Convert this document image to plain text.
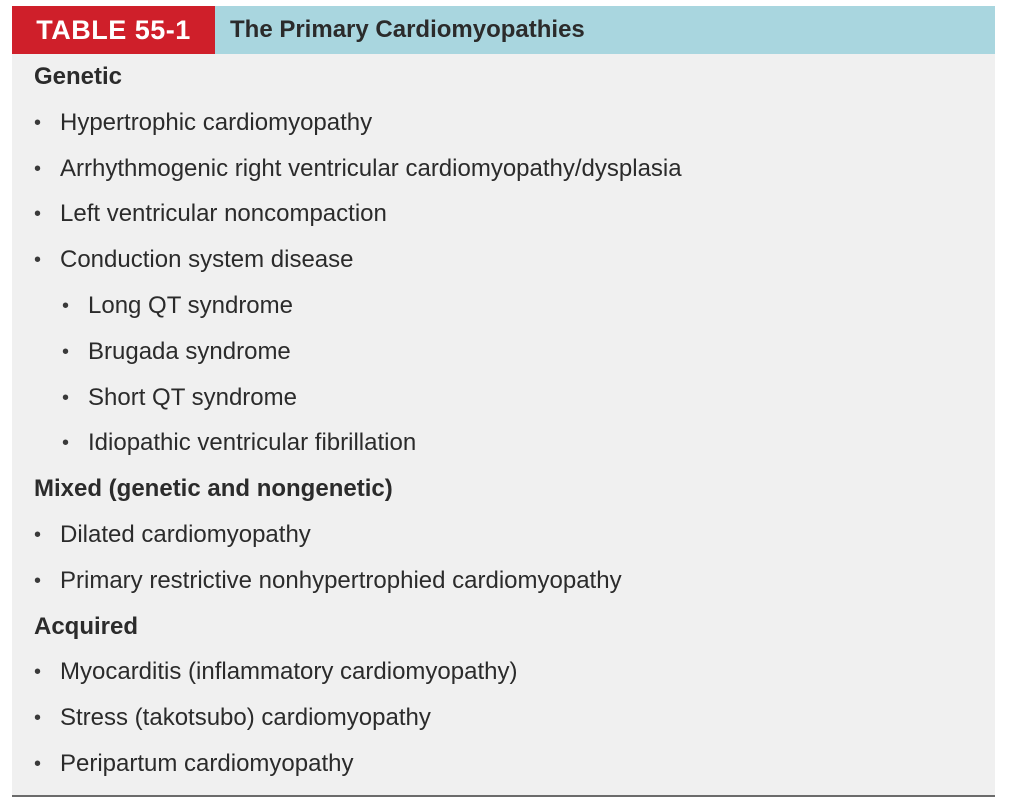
TABLE 55-1	The Primary Cardiomyopathies
Genetic
• Hypertrophic cardiomyopathy
• Arrhythmogenic right ventricular cardiomyopathy/dysplasia
• Left ventricular noncompaction
• Conduction system disease
• Long QT syndrome
• Brugada syndrome
• Short QT syndrome
• Idiopathic ventricular fibrillation
Mixed (genetic and nongenetic)
• Dilated cardiomyopathy
• Primary restrictive nonhypertrophied cardiomyopathy
Acquired
• Myocarditis (inflammatory cardiomyopathy)
• Stress (takotsubo) cardiomyopathy
• Peripartum cardiomyopathy
